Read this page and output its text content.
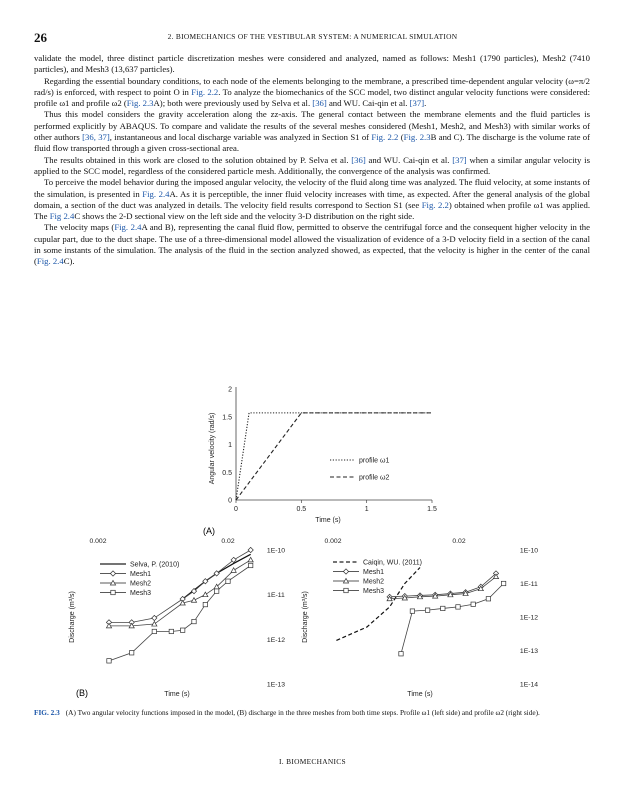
26	2. BIOMECHANICS OF THE VESTIBULAR SYSTEM: A NUMERICAL SIMULATION

validate the model, three distinct particle discretization meshes were considered and analyzed, named as follows: Mesh1 (1790 particles), Mesh2 (7410 particles), and Mesh3 (13,637 particles).

Regarding the essential boundary conditions, to each node of the elements belonging to the membrane, a prescribed time-dependent angular velocity (ω=π/2 rad/s) is enforced, with respect to point O in Fig. 2.2. To analyze the biomechanics of the SCC model, two distinct angular velocity functions were considered: profile ω1 and profile ω2 (Fig. 2.3A); both were previously used by Selva et al. [36] and WU. Cai-qin et al. [37].

Thus this model considers the gravity acceleration along the zz-axis. The general contact between the membrane elements and the fluid particles is performed explicitly by ABAQUS. To compare and validate the results of the several meshes considered (Mesh1, Mesh2, and Mesh3) with similar works of other authors [36, 37], instantaneous and local discharge variable was analyzed in Section S1 of Fig. 2.2 (Fig. 2.3B and C). The discharge is the volume rate of fluid flow transported through a given cross-sectional area.

The results obtained in this work are closed to the solution obtained by P. Selva et al. [36] and WU. Cai-qin et al. [37] when a similar angular velocity is applied to the SCC model, regardless of the considered particle mesh. Additionally, the convergence of the analysis was confirmed.

To perceive the model behavior during the imposed angular velocity, the velocity of the fluid along time was analyzed. The fluid velocity, at some instants of the simulation, is presented in Fig. 2.4A. As it is perceptible, the inner fluid velocity increases with time, as expected. After the general analysis of the global domain, a section of the duct was analyzed in details. The velocity field results correspond to Section S1 (see Fig. 2.2) obtained when profile ω1 was applied. The Fig 2.4C shows the 2-D sectional view on the left side and the velocity 3-D distribution on the right side.

The velocity maps (Fig. 2.4A and B), representing the canal fluid flow, permitted to observe the centrifugal force and the consequent higher velocity in the cupular part, due to the duct shape. The use of a three-dimensional model allowed the visualization of evidence of a 3-D velocity field in a section of the canal in some instants of the simulation. The analysis of the fluid in the section analyzed showed, as expected, that the velocity is higher in the center of the canal (Fig. 2.4C).

(A)
(B)
0	0.5	1	1.5
0
0.5
1
1.5
2
Time (s)
Angular velocity (rad/s)	profile ω1
profile ω2
0.002	0.02
1E-10
1E-11
1E-12
1E-13
Time (s)
Discharge (m³/s)
Selva, P. (2010)
Mesh1
Mesh2
Mesh3
0.002	0.02
1E-10
1E-11
1E-12
1E-13
1E-14
Time (s)
Discharge (m³/s)
Caiqin, WU. (2011)
Mesh1
Mesh2
Mesh3
FIG. 2.3 (A) Two angular velocity functions imposed in the model, (B) discharge in the three meshes from both time steps. Profile ω1 (left side) and profile ω2 (right side).
I. BIOMECHANICS
